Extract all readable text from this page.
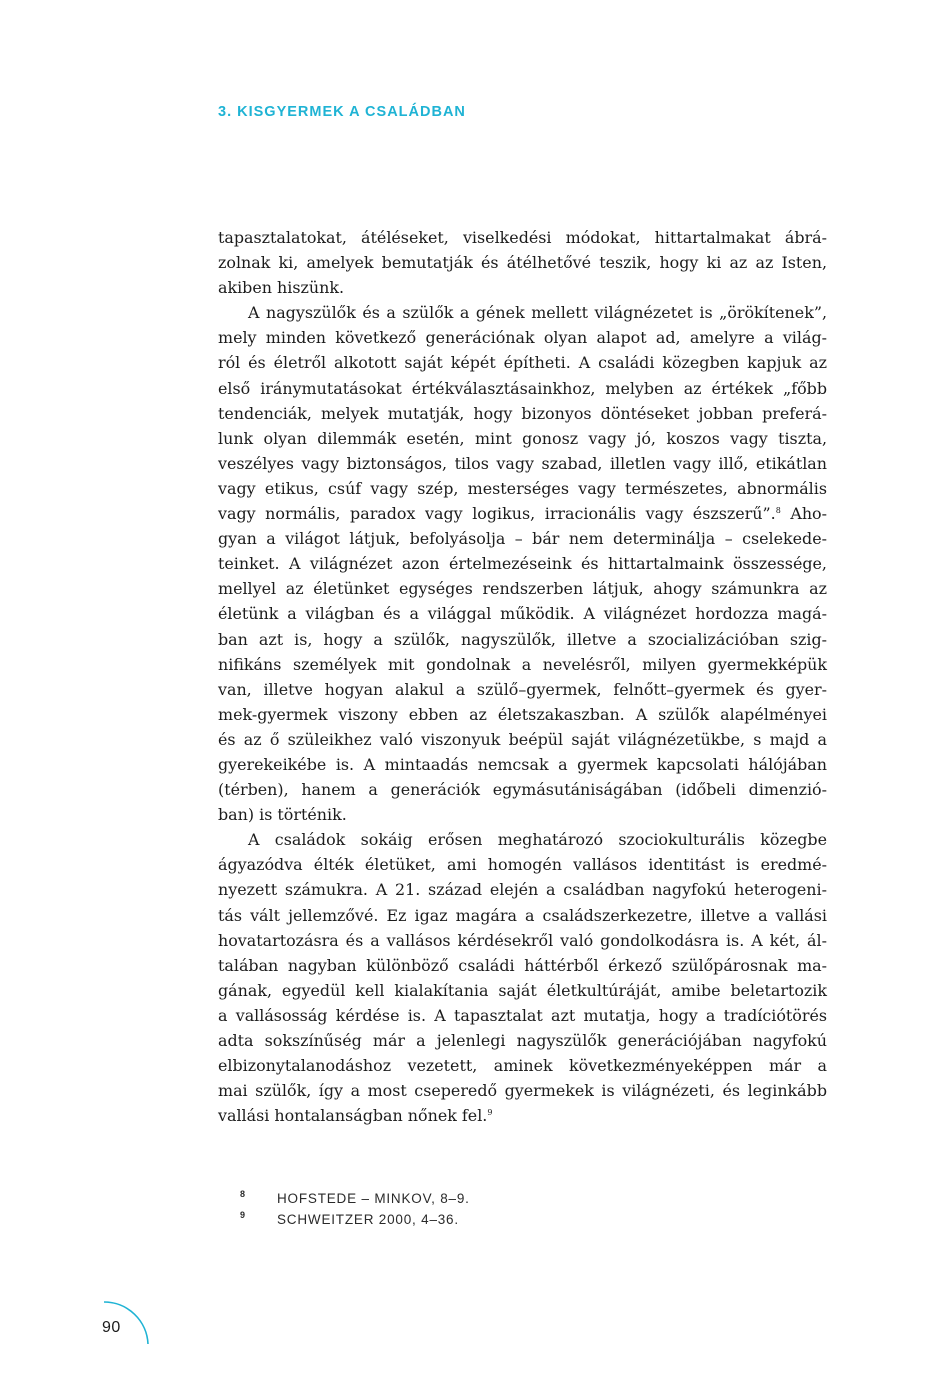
3. KISGYERMEK A CSALÁDBAN
tapasztalatokat, átéléseket, viselkedési módokat, hittartalmakat ábrá-
zolnak ki, amelyek bemutatják és átélhetővé teszik, hogy ki az az Isten,
akiben hiszünk.
A nagyszülők és a szülők a gének mellett világnézetet is „örökítenek”,
mely minden következő generációnak olyan alapot ad, amelyre a világ-
ról és életről alkotott saját képét építheti. A családi közegben kapjuk az
első iránymutatásokat értékválasztásainkhoz, melyben az értékek „főbb
tendenciák, melyek mutatják, hogy bizonyos döntéseket jobban preferá-
lunk olyan dilemmák esetén, mint gonosz vagy jó, koszos vagy tiszta,
veszélyes vagy biztonságos, tilos vagy szabad, illetlen vagy illő, etikátlan
vagy etikus, csúf vagy szép, mesterséges vagy természetes, abnormális
vagy normális, paradox vagy logikus, irracionális vagy észszerű”.$^8$ Aho-
gyan a világot látjuk, befolyásolja – bár nem determinálja – cselekede-
teinket. A világnézet azon értelmezéseink és hittartalmaink összessége,
mellyel az életünket egységes rendszerben látjuk, ahogy számunkra az
életünk a világban és a világgal működik. A világnézet hordozza magá-
ban azt is, hogy a szülők, nagyszülők, illetve a szocializációban szig-
nifikáns személyek mit gondolnak a nevelésről, milyen gyermekképük
van, illetve hogyan alakul a szülő–gyermek, felnőtt–gyermek és gyer-
mek-gyermek viszony ebben az életszakaszban. A szülők alapélményei
és az ő szüleikhez való viszonyuk beépül saját világnézetükbe, s majd a
gyerekeikébe is. A mintaadás nemcsak a gyermek kapcsolati hálójában
(térben), hanem a generációk egymásutániságában (időbeli dimenzió-
ban) is történik.
A családok sokáig erősen meghatározó szociokulturális közegbe
ágyazódva élték életüket, ami homogén vallásos identitást is eredmé-
nyezett számukra. A 21. század elején a családban nagyfokú heterogeni-
tás vált jellemzővé. Ez igaz magára a családszerkezetre, illetve a vallási
hovatartozásra és a vallásos kérdésekről való gondolkodásra is. A két, ál-
talában nagyban különböző családi háttérből érkező szülőpárosnak ma-
gának, egyedül kell kialakítania saját életkultúráját, amibe beletartozik
a vallásosság kérdése is. A tapasztalat azt mutatja, hogy a tradíciótörés
adta sokszínűség már a jelenlegi nagyszülők generációjában nagyfokú
elbizonytalanodáshoz vezetett, aminek következményeképpen már a
mai szülők, így a most cseperedő gyermekek is világnézeti, és leginkább
vallási hontalanságban nőnek fel.$^9$
8	HOFSTEDE – MINKOV, 8–9.
9	SCHWEITZER 2000, 4–36.
90
